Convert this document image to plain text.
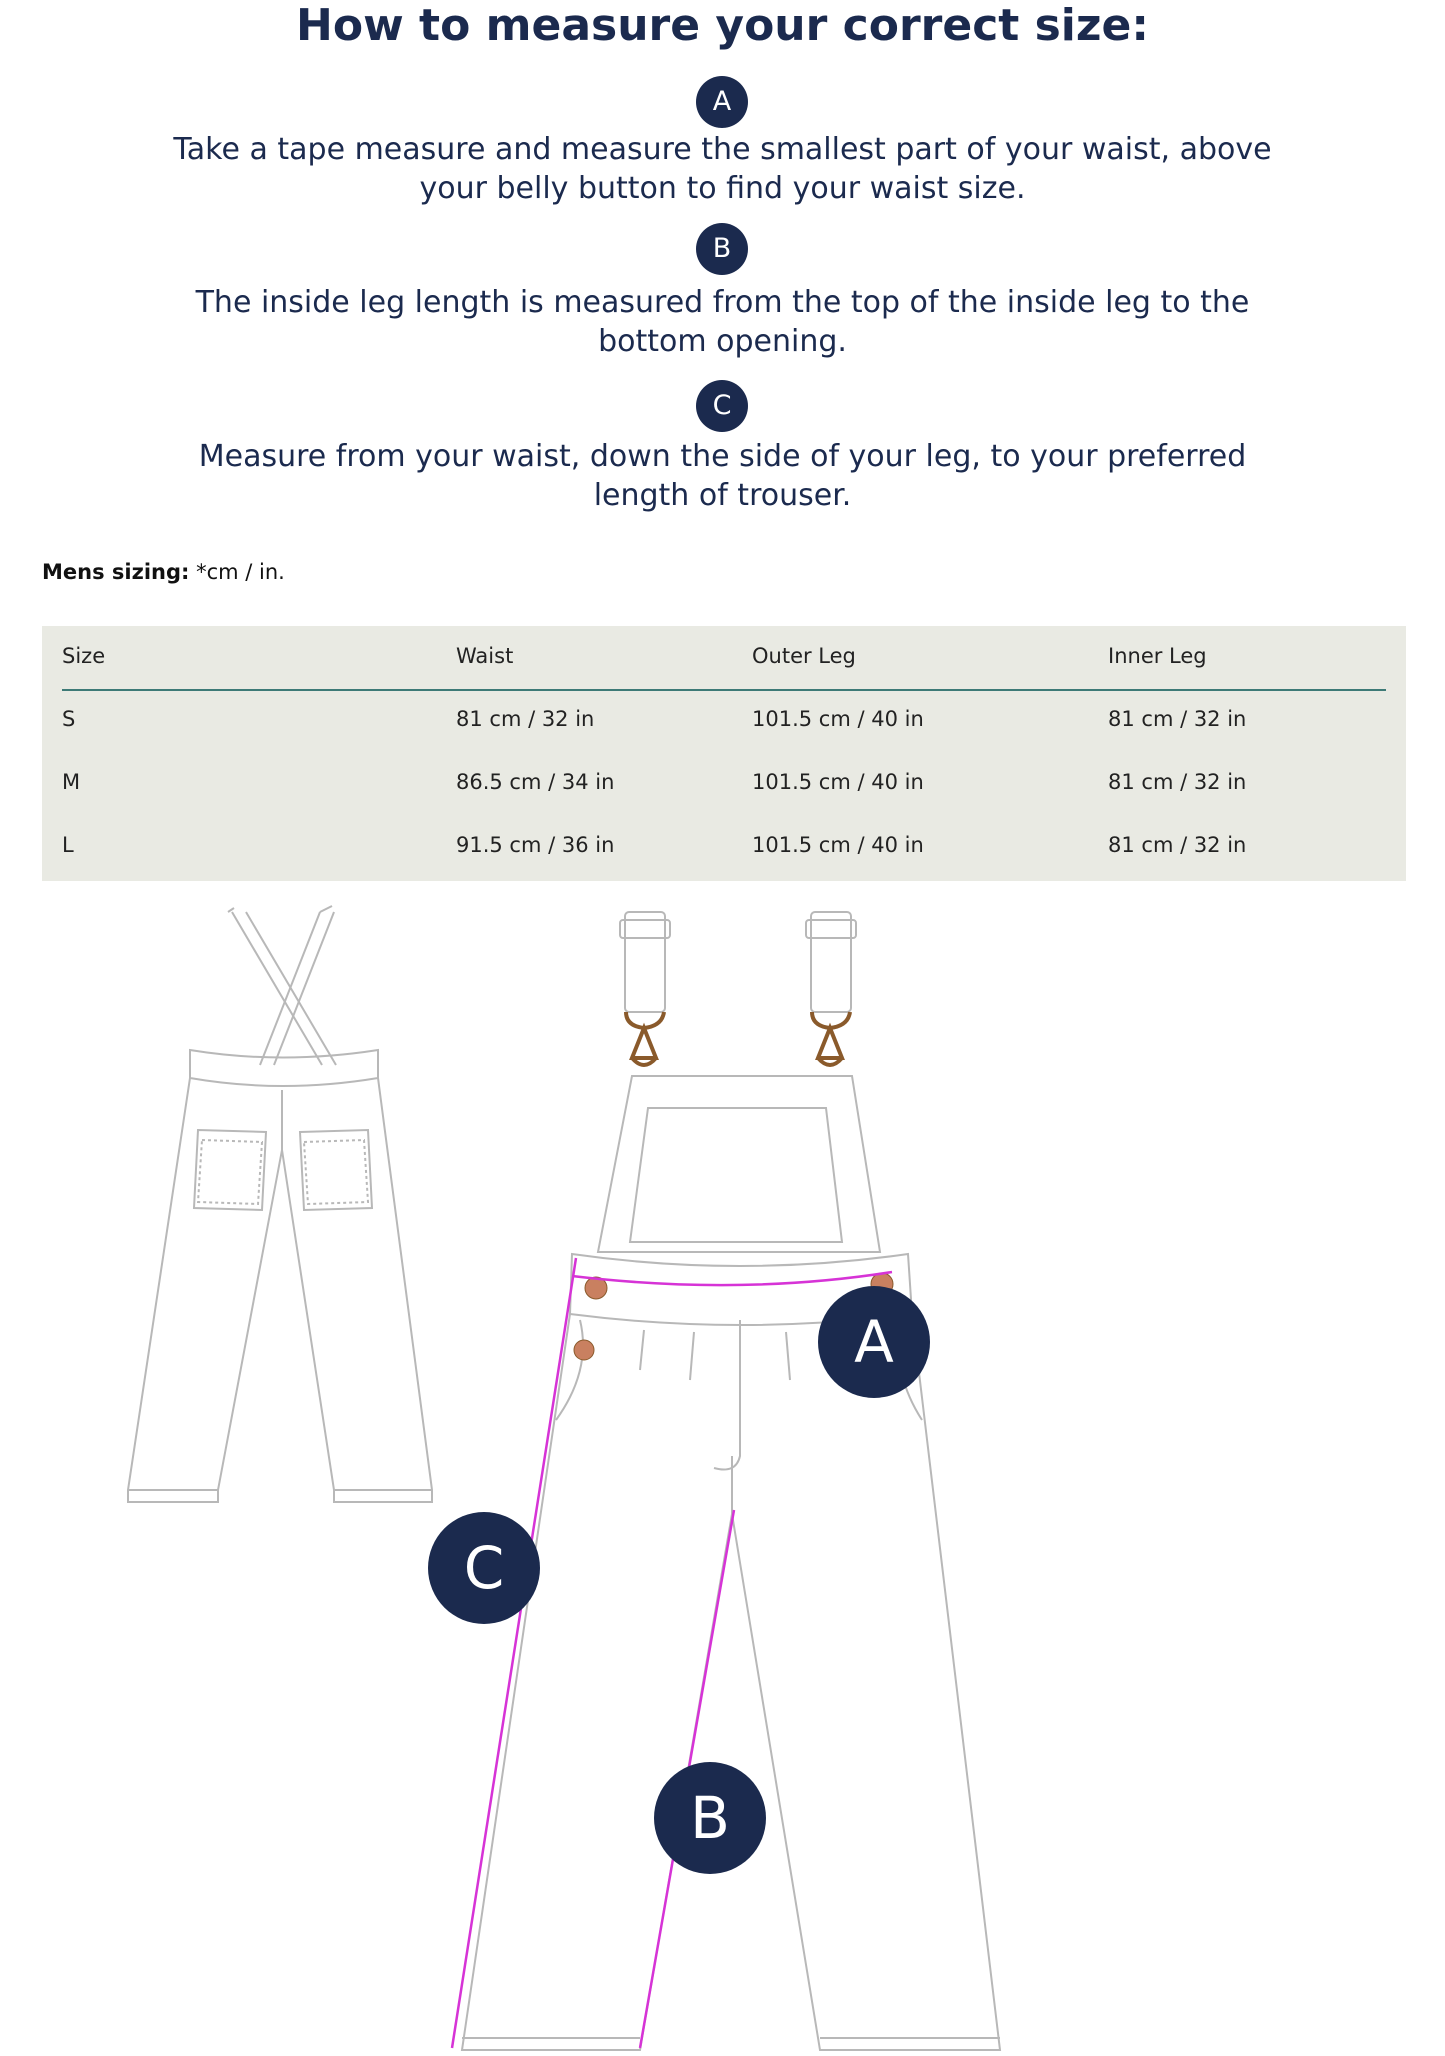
How to measure your correct size:
A

Take a tape measure and measure the smallest part of your waist, above your belly button to find your waist size.

B

The inside leg length is measured from the top of the inside leg to the bottom opening.

C

Measure from your waist, down the side of your leg, to your preferred length of trouser.

Mens sizing: *cm / in.
Size	Waist	Outer Leg	Inner Leg
S	81 cm / 32 in	101.5 cm / 40 in	81 cm / 32 in
M	86.5 cm / 34 in	101.5 cm / 40 in	81 cm / 32 in
L	91.5 cm / 36 in	101.5 cm / 40 in	81 cm / 32 in
A
C
B
